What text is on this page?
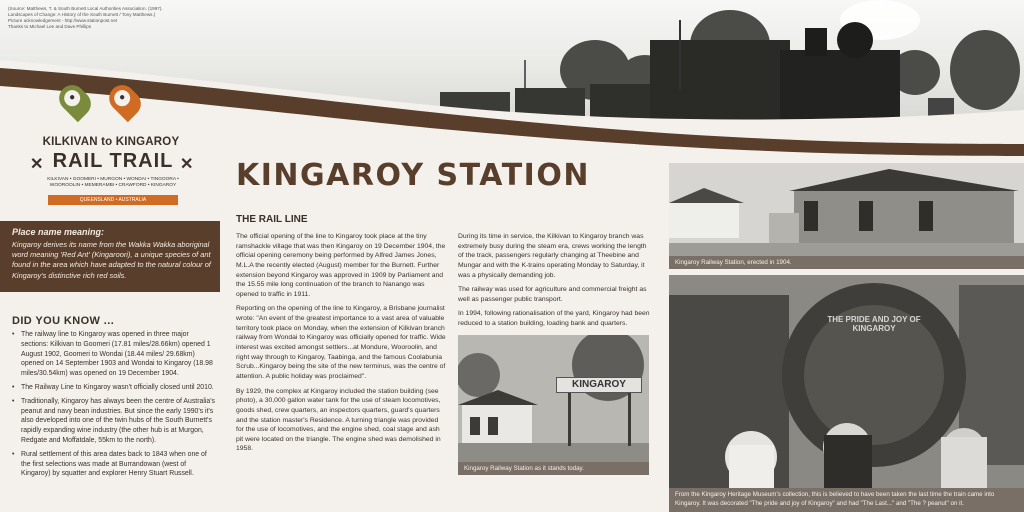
(Source: Matthews, T. & South Burnett Local Authorities Association. (1997).
Landscapes of Change: A History of the South Burnett / Tony Matthews.)
Picture acknowledgement - http://www.stationpost.net
Thanks to Michael Lee and Dave Phillips
●	●
KILKIVAN to KINGAROY
✕ RAIL TRAIL ✕
KILKIVAN • GOOMERI • MURGON • WONDAI • TINGOORA • WOOROOLIN • MEMERAMBI • CRAWFORD • KINGAROY
QUEENSLAND • AUSTRALIA
Place name meaning:
Kingaroy derives its name from the Wakka Wakka aboriginal word meaning 'Red Ant' (Kingaroori), a unique species of ant found in the area which have adapted to the natural colour of Kingaroy's distinctive rich red soils.
DID YOU KNOW ...
• The railway line to Kingaroy was opened in three major sections: Kilkivan to Goomeri (17.81 miles/28.66km) opened 1 August 1902, Goomeri to Wondai (18.44 miles/ 29.68km) opened on 14 September 1903 and Wondai to Kingaroy (18.98 miles/30.54km) was opened on 19 December 1904.
• The Railway Line to Kingaroy wasn't officially closed until 2010.
• Traditionally, Kingaroy has always been the centre of Australia's peanut and navy bean industries. But since the early 1990's it's also developed into one of the twin hubs of the South Burnett's rapidly expanding wine industry (the other hub is at Murgon, Redgate and Moffatdale, 55km to the north).
• Rural settlement of this area dates back to 1843 when one of the first selections was made at Burrandowan (west of Kingaroy) by squatter and explorer Henry Stuart Russell.
KINGAROY STATION
THE RAIL LINE

The official opening of the line to Kingaroy took place at the tiny ramshackle village that was then Kingaroy on 19 December 1904, the official opening ceremony being performed by Alfred James Jones, M.L.A the recently elected (August) member for the Burnett. Further extension beyond Kingaroy was approved in 1909 by Parliament and the 15.55 mile long continuation of the branch to Nanango was opened to traffic in 1911.

Reporting on the opening of the line to Kingaroy, a Brisbane journalist wrote: "An event of the greatest importance to a vast area of valuable territory took place on Monday, when the extension of Kilkivan branch railway from Wondai to Kingaroy was officially opened for traffic. Wide interest was excited amongst settlers...at Mondure, Wooroolin, and right way through to Kingaroy, Taabinga, and the famous Coolabunia Scrub...Kingaroy being the site of the new terminus, was the centre of attention. A public holiday was proclaimed".

By 1929, the complex at Kingaroy included the station building (see photo), a 30,000 gallon water tank for the use of steam locomotives, goods shed, crew quarters, an inspectors quarters, guard's quarters and the station master's Residence. A turning triangle was provided for the use of locomotives, and the engine shed, coal stage and ash pit were located on the triangle. The engine shed was demolished in 1958.

During its time in service, the Kilkivan to Kingaroy branch was extremely busy during the steam era, crews working the length of the track, passengers regularly changing at Theebine and Mungar and with the K-trains operating Monday to Saturday, it was a physically demanding job.

The railway was used for agriculture and commercial freight as well as passenger public transport.

In 1994, following rationalisation of the yard, Kingaroy had been reduced to a station building, loading bank and quarters.

KINGAROY
Kingaroy Railway Station as it stands today.
Kingaroy Railway Station, erected in 1904.
THE PRIDE AND JOY OF KINGAROY
From the Kingaroy Heritage Museum's collection, this is believed to have been taken the last time the train came into Kingaroy. It was decorated "The pride and joy of Kingaroy" and had "The Last..." and "The ? peanut" on it.
